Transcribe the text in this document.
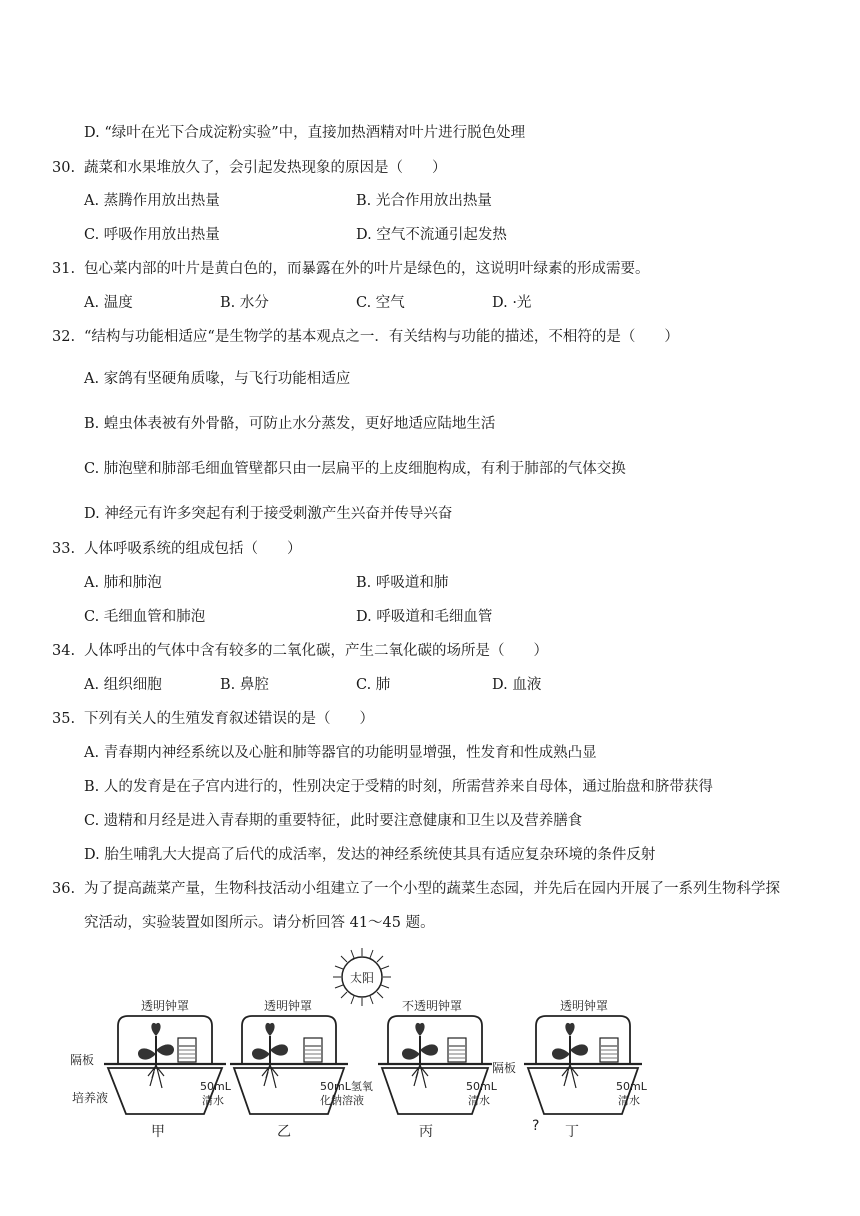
D. “绿叶在光下合成淀粉实验”中，直接加热酒精对叶片进行脱色处理
30. 蔬菜和水果堆放久了，会引起发热现象的原因是（　　）
A. 蒸腾作用放出热量	B. 光合作用放出热量
C. 呼吸作用放出热量	D. 空气不流通引起发热
31. 包心菜内部的叶片是黄白色的，而暴露在外的叶片是绿色的，这说明叶绿素的形成需要。
A. 温度	B. 水分	C. 空气	D. ·光
32. “结构与功能相适应“是生物学的基本观点之一．有关结构与功能的描述，不相符的是（　　）
A. 家鸽有坚硬角质喙，与飞行功能相适应
B. 蝗虫体表被有外骨骼，可防止水分蒸发，更好地适应陆地生活
C. 肺泡壁和肺部毛细血管壁都只由一层扁平的上皮细胞构成，有利于肺部的气体交换
D. 神经元有许多突起有利于接受刺激产生兴奋并传导兴奋
33. 人体呼吸系统的组成包括（　　）
A. 肺和肺泡	B. 呼吸道和肺
C. 毛细血管和肺泡	D. 呼吸道和毛细血管
34. 人体呼出的气体中含有较多的二氧化碳，产生二氧化碳的场所是（　　）
A. 组织细胞	B. 鼻腔	C. 肺	D. 血液
35. 下列有关人的生殖发育叙述错误的是（　　）
A. 青春期内神经系统以及心脏和肺等器官的功能明显增强，性发育和性成熟凸显
B. 人的发育是在子宫内进行的，性别决定于受精的时刻，所需营养来自母体，通过胎盘和脐带获得
C. 遗精和月经是进入青春期的重要特征，此时要注意健康和卫生以及营养膳食
D. 胎生哺乳大大提高了后代的成活率，发达的神经系统使其具有适应复杂环境的条件反射
36. 为了提高蔬菜产量，生物科技活动小组建立了一个小型的蔬菜生态园，并先后在园内开展了一系列生物科学探
究活动，实验装置如图所示。请分析回答 41～45 题。
太阳
隔板
培养液
隔板
?
透明钟罩
50mL
清水
甲
透明钟罩
50mL氢氧
化钠溶液
乙
不透明钟罩
50mL
清水
丙
透明钟罩
50mL
清水
丁
